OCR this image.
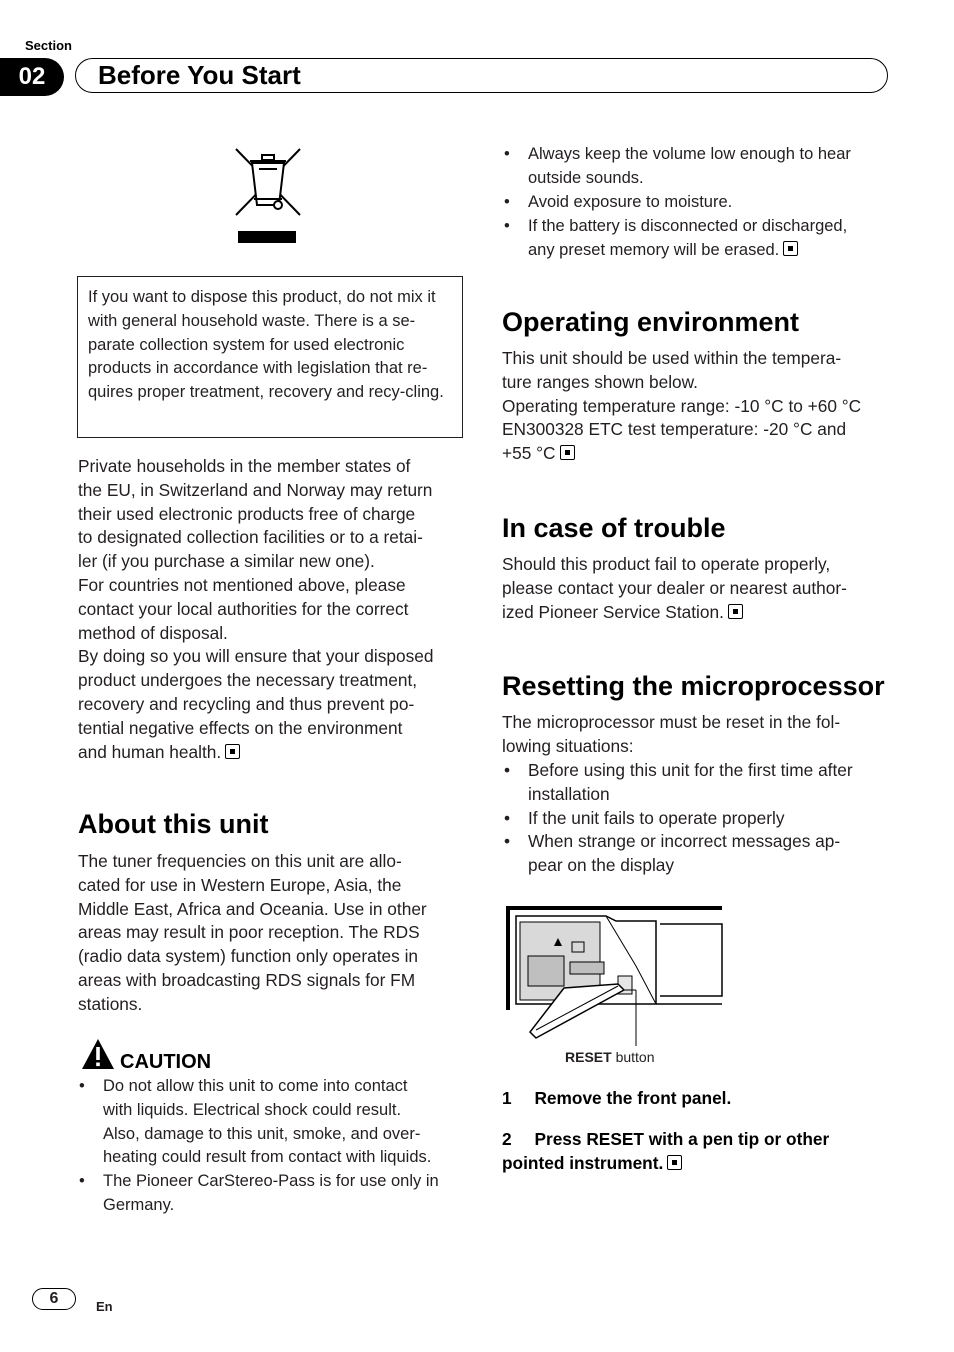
Section
02	Before You Start
If you want to dispose this product, do not mix it with general household waste. There is a se-parate collection system for used electronic products in accordance with legislation that re-quires proper treatment, recovery and recy-cling.
Private households in the member states of
the EU, in Switzerland and Norway may return
their used electronic products free of charge
to designated collection facilities or to a retai-
ler (if you purchase a similar new one).
For countries not mentioned above, please
contact your local authorities for the correct
method of disposal.
By doing so you will ensure that your disposed
product undergoes the necessary treatment,
recovery and recycling and thus prevent po-
tential negative effects on the environment
and human health.
About this unit
The tuner frequencies on this unit are allo-
cated for use in Western Europe, Asia, the
Middle East, Africa and Oceania. Use in other
areas may result in poor reception. The RDS
(radio data system) function only operates in
areas with broadcasting RDS signals for FM
stations.
CAUTION
• Do not allow this unit to come into contact
with liquids. Electrical shock could result.
Also, damage to this unit, smoke, and over-
heating could result from contact with liquids.
• The Pioneer CarStereo-Pass is for use only in
Germany.
• Always keep the volume low enough to hear
outside sounds.
• Avoid exposure to moisture.
• If the battery is disconnected or discharged,
any preset memory will be erased.
Operating environment
This unit should be used within the tempera-
ture ranges shown below.
Operating temperature range: -10 °C to +60 °C
EN300328 ETC test temperature: -20 °C and
+55 °C
In case of trouble
Should this product fail to operate properly,
please contact your dealer or nearest author-
ized Pioneer Service Station.
Resetting the microprocessor
The microprocessor must be reset in the fol-
lowing situations:
• Before using this unit for the first time after
installation
• If the unit fails to operate properly
• When strange or incorrect messages ap-
pear on the display
RESET button
1 Remove the front panel.
2 Press RESET with a pen tip or other
pointed instrument.
6	En
